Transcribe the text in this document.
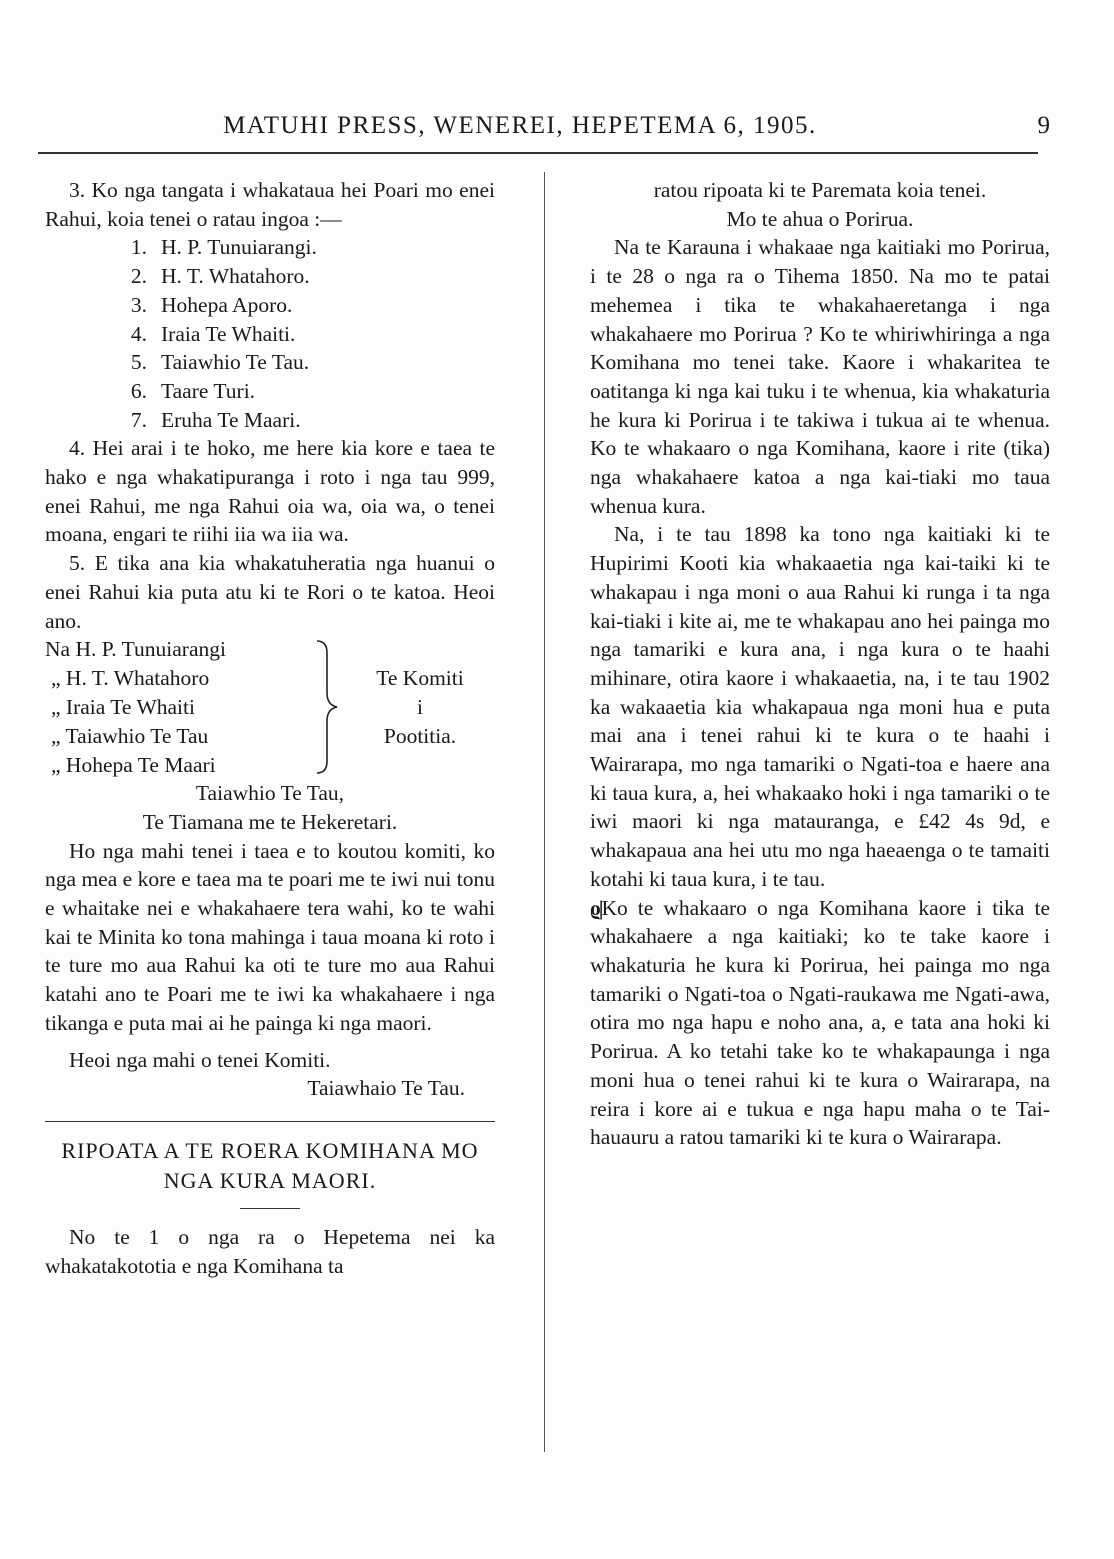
MATUHI PRESS, WENEREI, HEPETEMA 6, 1905.	9

3. Ko nga tangata i whakataua hei Poari mo enei Rahui, koia tenei o ratau ingoa :—

1. H. P. Tunuiarangi.
2. H. T. Whatahoro.
3. Hohepa Aporo.
4. Iraia Te Whaiti.
5. Taiawhio Te Tau.
6. Taare Turi.
7. Eruha Te Maari.

4. Hei arai i te hoko, me here kia kore e taea te hako e nga whakatipuranga i roto i nga tau 999, enei Rahui, me nga Rahui oia wa, oia wa, o tenei moana, engari te riihi iia wa iia wa.

5. E tika ana kia whakatuheratia nga huanui o enei Rahui kia puta atu ki te Rori o te katoa. Heoi ano.

Na H. P. Tunuiarangi
„ H. T. Whatahoro
„ Iraia Te Whaiti
„ Taiawhio Te Tau
„ Hohepa Te Maari
Te Komiti
i
Pootitia.

Taiawhio Te Tau,

Te Tiamana me te Hekeretari.

Ho nga mahi tenei i taea e to koutou komiti, ko nga mea e kore e taea ma te poari me te iwi nui tonu e whaitake nei e whakahaere tera wahi, ko te wahi kai te Minita ko tona mahinga i taua moana ki roto i te ture mo aua Rahui ka oti te ture mo aua Rahui katahi ano te Poari me te iwi ka whakahaere i nga tikanga e puta mai ai he painga ki nga maori.

Heoi nga mahi o tenei Komiti.

Taiawhaio Te Tau.

RIPOATA A TE ROERA KOMIHANA MO NGA KURA MAORI.

No te 1 o nga ra o Hepetema nei ka whakatakototia e nga Komihana ta

ratou ripoata ki te Paremata koia tenei.

Mo te ahua o Porirua.

Na te Karauna i whakaae nga kaitiaki mo Porirua, i te 28 o nga ra o Tihema 1850. Na mo te patai mehemea i tika te whakahaeretanga i nga whakahaere mo Porirua ? Ko te whiriwhiringa a nga Komihana mo tenei take. Kaore i whakaritea te oatitanga ki nga kai tuku i te whenua, kia whakaturia he kura ki Porirua i te takiwa i tukua ai te whenua. Ko te whakaaro o nga Komihana, kaore i rite (tika) nga whakahaere katoa a nga kai-tiaki mo taua whenua kura.

Na, i te tau 1898 ka tono nga kaitiaki ki te Hupirimi Kooti kia whakaaetia nga kai-taiki ki te whakapau i nga moni o aua Rahui ki runga i ta nga kai-tiaki i kite ai, me te whakapau ano hei painga mo nga tamariki e kura ana, i nga kura o te haahi mihinare, otira kaore i whakaaetia, na, i te tau 1902 ka wakaaetia kia whakapaua nga moni hua e puta mai ana i tenei rahui ki te kura o te haahi i Wairarapa, mo nga tamariki o Ngati-toa e haere ana ki taua kura, a, hei whakaako hoki i nga tamariki o te iwi maori ki nga matauranga, e £42 4s 9d, e whakapaua ana hei utu mo nga haeaenga o te tamaiti kotahi ki taua kura, i te tau.

ϱ|Ko te whakaaro o nga Komihana kaore i tika te whakahaere a nga kaitiaki; ko te take kaore i whakaturia he kura ki Porirua, hei painga mo nga tamariki o Ngati-toa o Ngati-raukawa me Ngati-awa, otira mo nga hapu e noho ana, a, e tata ana hoki ki Porirua. A ko tetahi take ko te whakapaunga i nga moni hua o tenei rahui ki te kura o Wairarapa, na reira i kore ai e tukua e nga hapu maha o te Tai-hauauru a ratou tamariki ki te kura o Wairarapa.
